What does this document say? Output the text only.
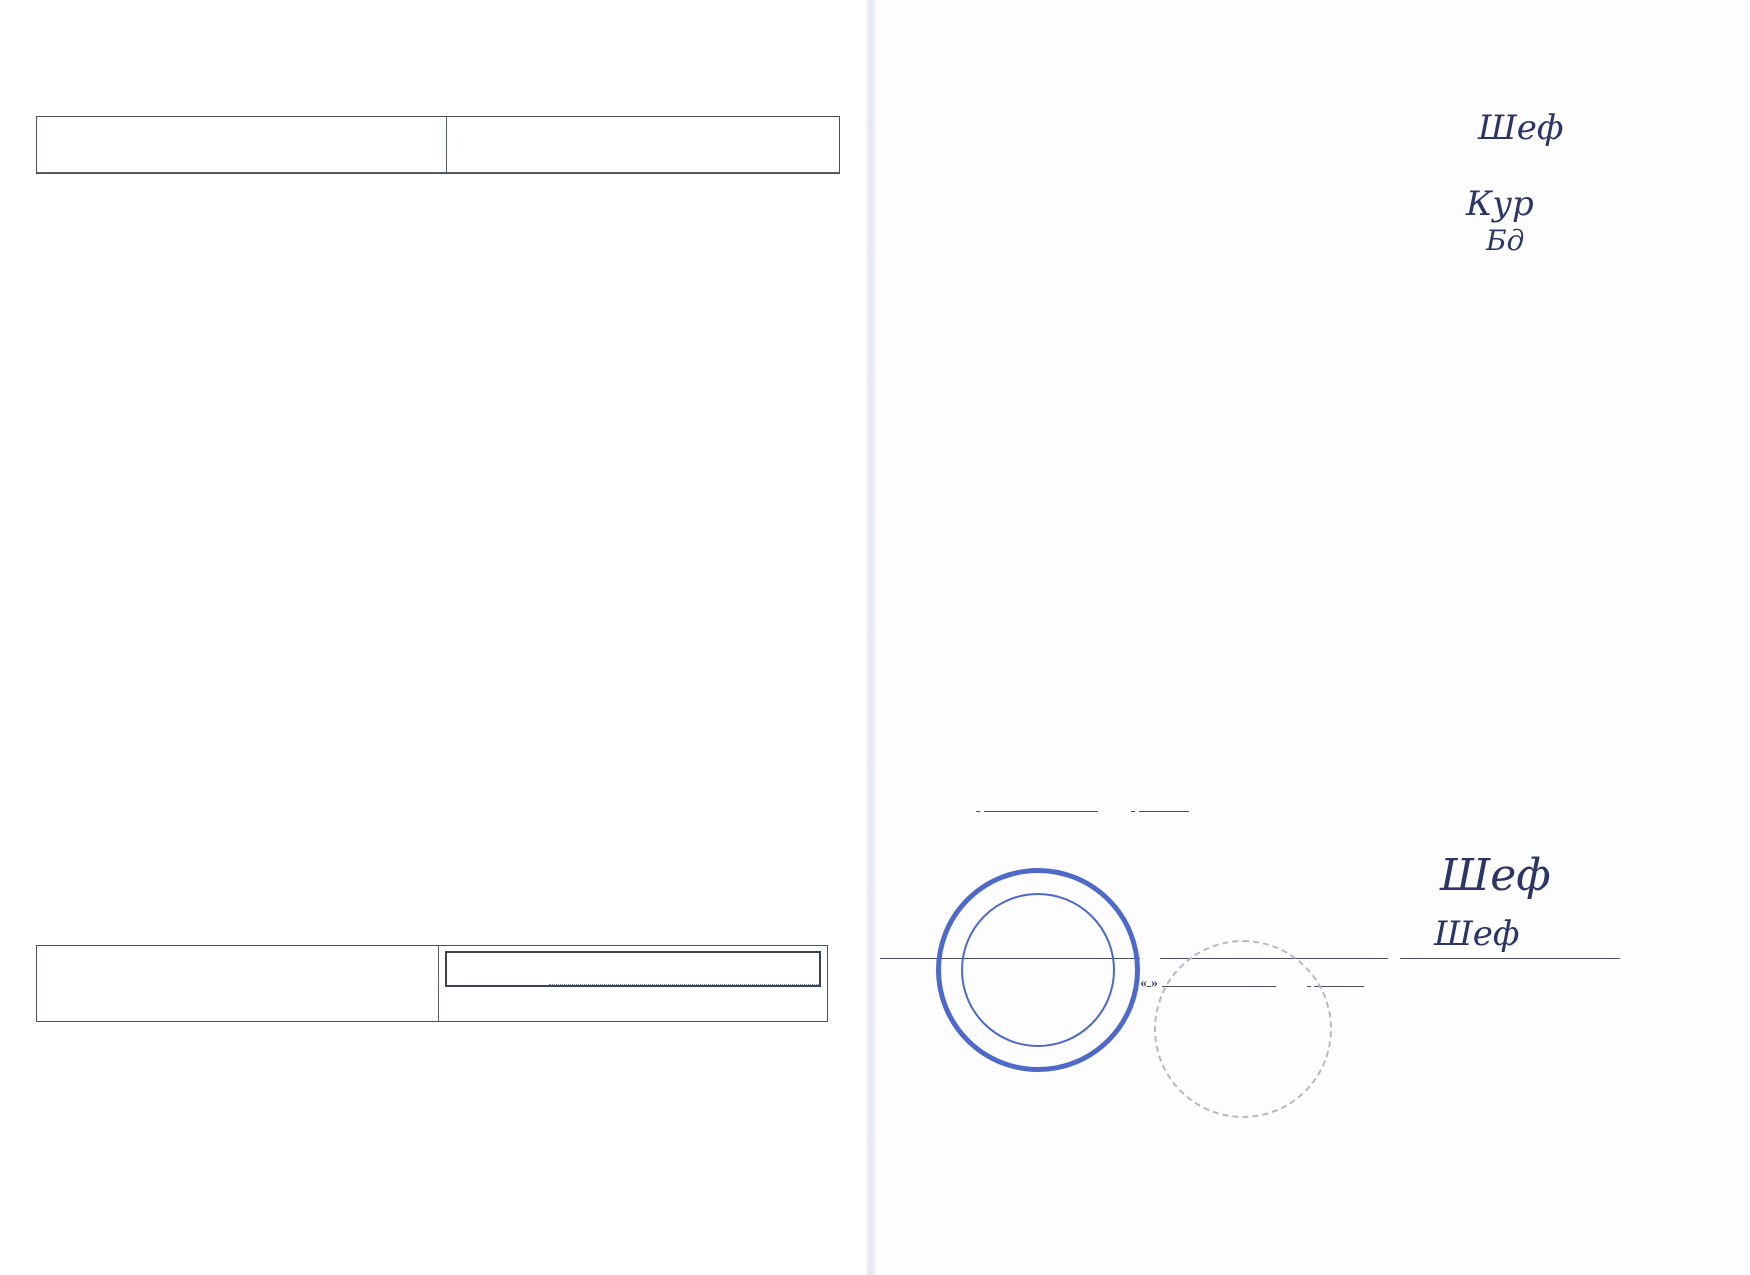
Шеф
Кур
Бд

Шеф
Шеф
« »
